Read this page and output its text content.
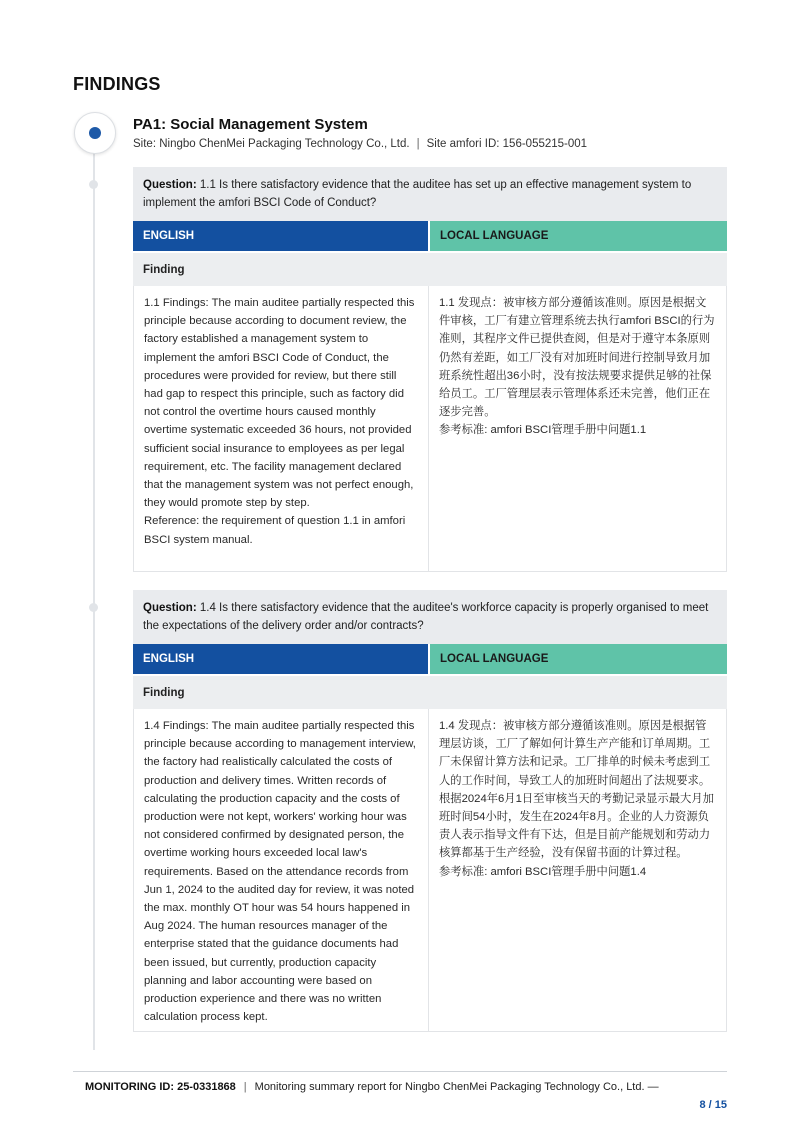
FINDINGS
PA1: Social Management System
Site: Ningbo ChenMei Packaging Technology Co., Ltd. | Site amfori ID: 156-055215-001
Question: 1.1 Is there satisfactory evidence that the auditee has set up an effective management system to implement the amfori BSCI Code of Conduct?
ENGLISH	LOCAL LANGUAGE
Finding

1.1 Findings: The main auditee partially respected this principle because according to document review, the factory established a management system to implement the amfori BSCI Code of Conduct, the procedures were provided for review, but there still had gap to respect this principle, such as factory did not control the overtime hours caused monthly overtime systematic exceeded 36 hours, not provided sufficient social insurance to employees as per legal requirement, etc. The facility management declared that the management system was not perfect enough, they would promote step by step.

Reference: the requirement of question 1.1 in amfori BSCI system manual.

1.1 发现点：被审核方部分遵循该准则。原因是根据文件审核，工厂有建立管理系统去执行amfori BSCI的行为准则，其程序文件已提供查阅，但是对于遵守本条原则仍然有差距，如工厂没有对加班时间进行控制导致月加班系统性超出36小时，没有按法规要求提供足够的社保给员工。工厂管理层表示管理体系还未完善，他们正在逐步完善。

参考标准: amfori BSCI管理手册中问题1.1

Question: 1.4 Is there satisfactory evidence that the auditee's workforce capacity is properly organised to meet the expectations of the delivery order and/or contracts?
ENGLISH	LOCAL LANGUAGE
Finding

1.4 Findings: The main auditee partially respected this principle because according to management interview, the factory had realistically calculated the costs of production and delivery times. Written records of calculating the production capacity and the costs of production were not kept, workers' working hour was not considered confirmed by designated person, the overtime working hours exceeded local law's requirements. Based on the attendance records from Jun 1, 2024 to the audited day for review, it was noted the max. monthly OT hour was 54 hours happened in Aug 2024. The human resources manager of the enterprise stated that the guidance documents had been issued, but currently, production capacity planning and labor accounting were based on production experience and there was no written calculation process kept.

1.4 发现点：被审核方部分遵循该准则。原因是根据管理层访谈，工厂了解如何计算生产产能和订单周期。工厂未保留计算方法和记录。工厂排单的时候未考虑到工人的工作时间，导致工人的加班时间超出了法规要求。根据2024年6月1日至审核当天的考勤记录显示最大月加班时间54小时，发生在2024年8月。企业的人力资源负责人表示指导文件有下达，但是目前产能规划和劳动力核算都基于生产经验，没有保留书面的计算过程。

参考标准: amfori BSCI管理手册中问题1.4

MONITORING ID: 25-0331868 | Monitoring summary report for Ningbo ChenMei Packaging Technology Co., Ltd. —
8 / 15
